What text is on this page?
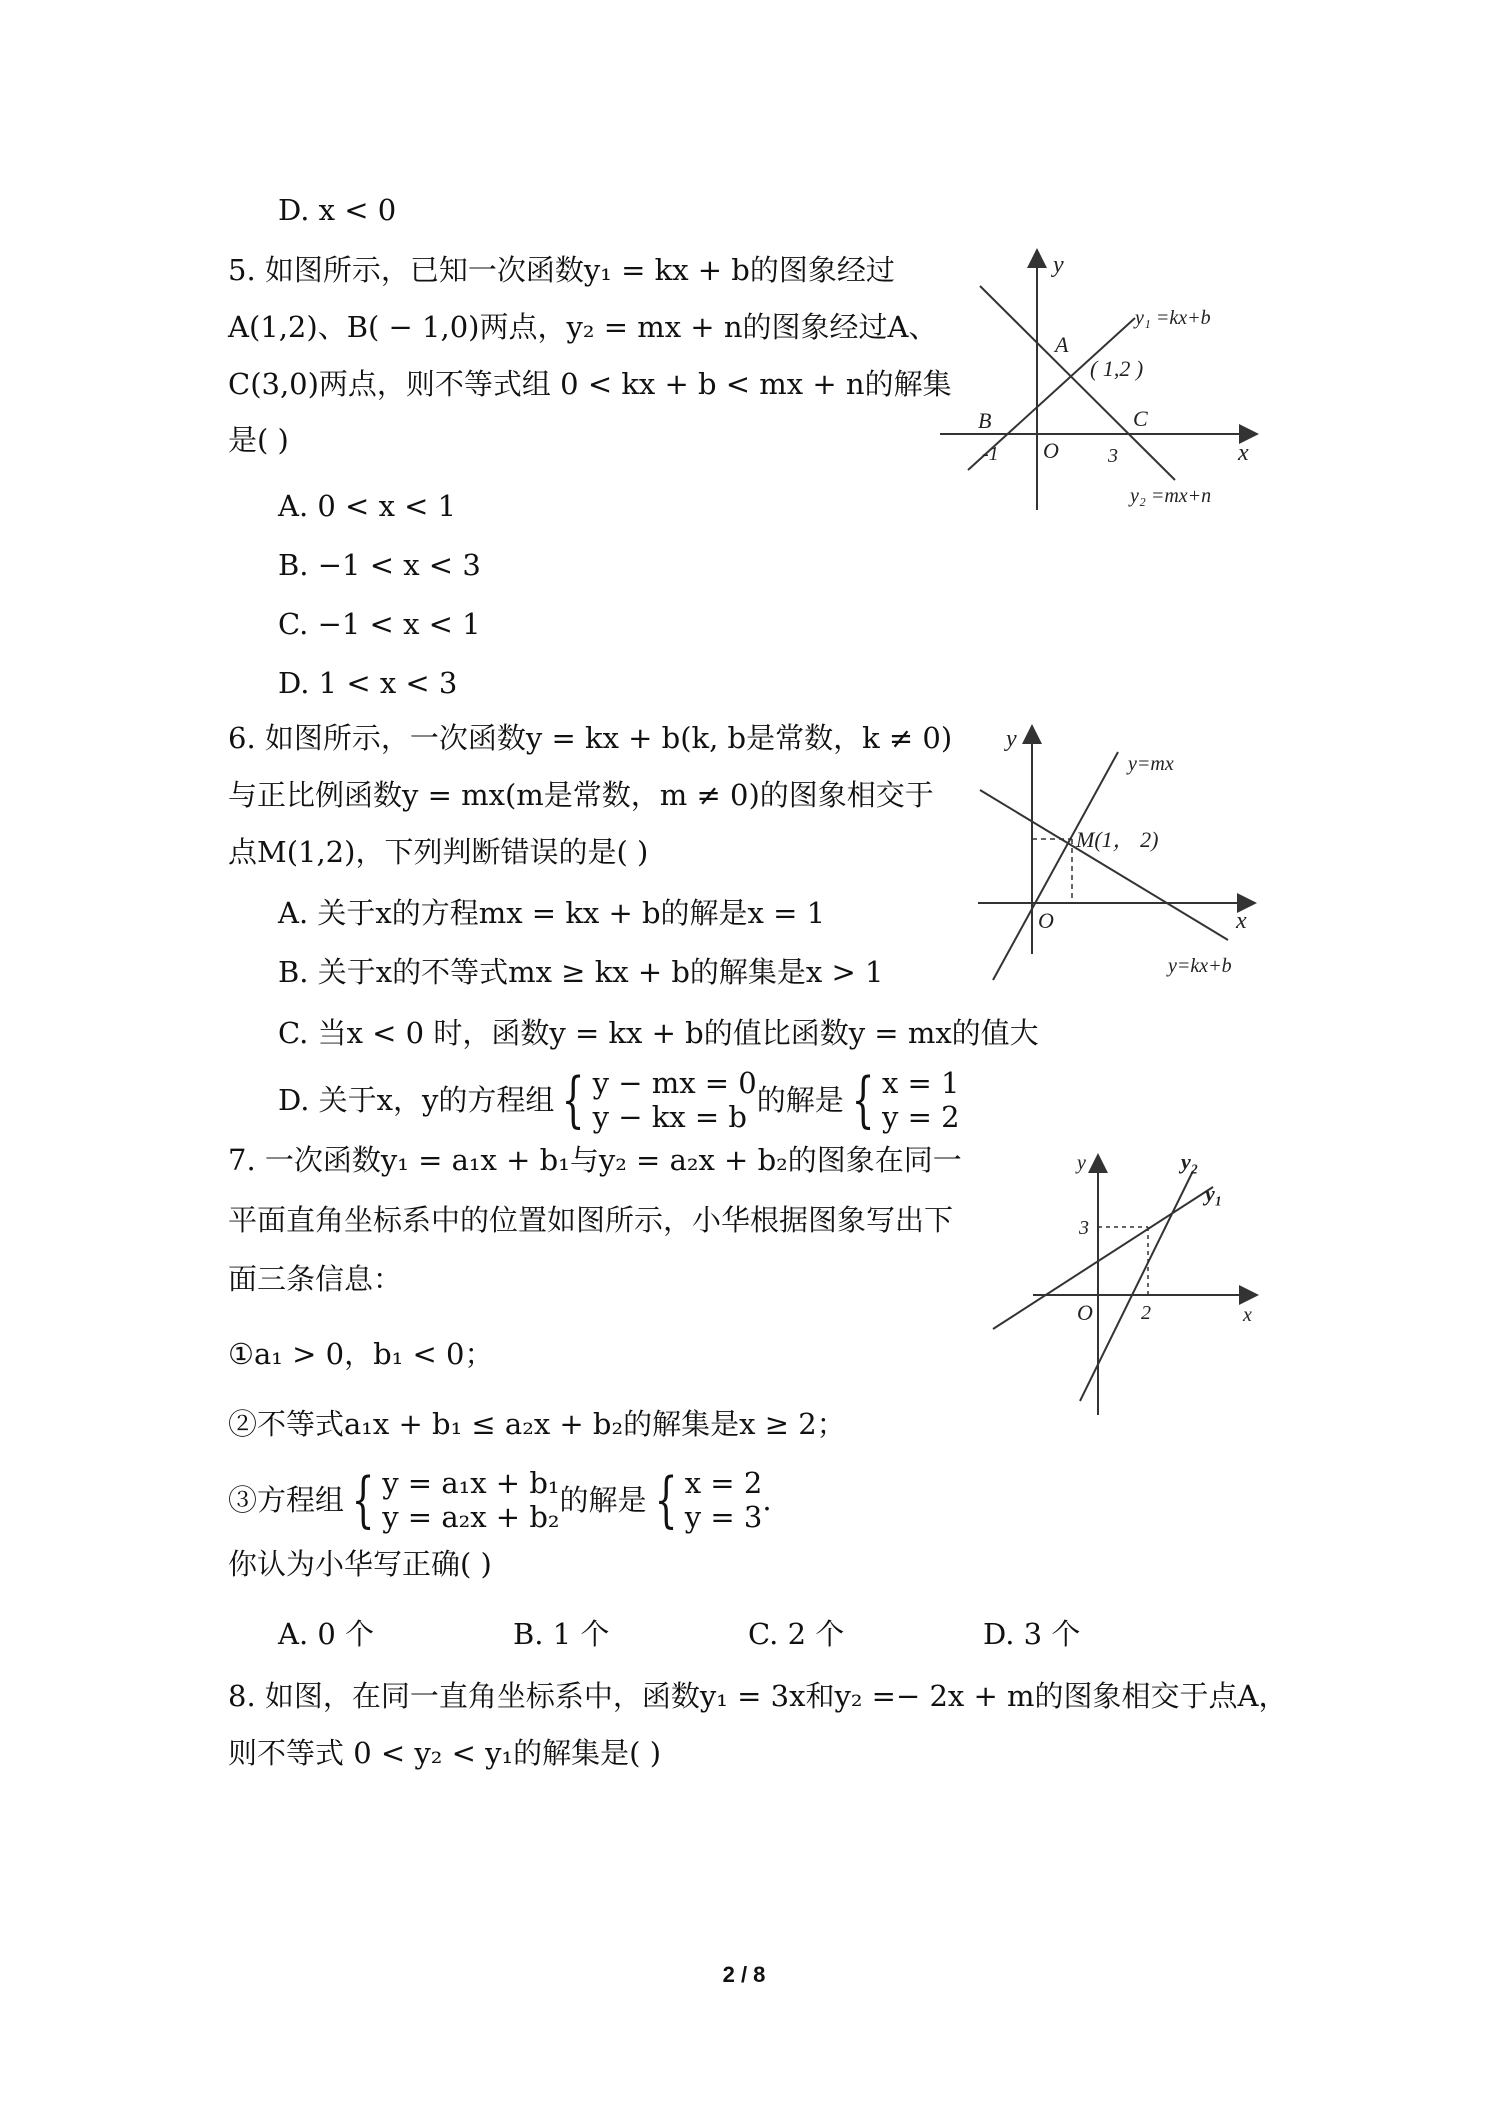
D. x < 0
5. 如图所示，已知一次函数y₁ = kx + b的图象经过
A(1,2)、B( − 1,0)两点，y₂ = mx + n的图象经过A、
C(3,0)两点，则不等式组 0 < kx + b < mx + n的解集
是( )
A. 0 < x < 1
B. −1 < x < 3
C. −1 < x < 1
D. 1 < x < 3
y
x
O
A
( 1,2 )
B	C
-1	3
y₁ =kx+b
y₂ =mx+n
6. 如图所示，一次函数y = kx + b(k, b是常数，k ≠ 0)
与正比例函数y = mx(m是常数，m ≠ 0)的图象相交于
点M(1,2)，下列判断错误的是( )
A. 关于x的方程mx = kx + b的解是x = 1
B. 关于x的不等式mx ≥ kx + b的解集是x > 1
C. 当x < 0 时，函数y = kx + b的值比函数y = mx的值大
D. 关于x，y的方程组 { y − mx = 0
y − kx = b 的解是 { x = 1
y = 2
y
x
O
M(1， 2)
y=mx
y=kx+b
7. 一次函数y₁ = a₁x + b₁与y₂ = a₂x + b₂的图象在同一
平面直角坐标系中的位置如图所示，小华根据图象写出下
面三条信息：
①a₁ > 0，b₁ < 0；
②不等式a₁x + b₁ ≤ a₂x + b₂的解集是x ≥ 2；
③方程组 { y = a₁x + b₁
y = a₂x + b₂ 的解是 { x = 2
y = 3 .
你认为小华写正确( )
A. 0 个	B. 1 个	C. 2 个	D. 3 个
y
x
O
3
2
y₂
y₁
8. 如图，在同一直角坐标系中，函数y₁ = 3x和y₂ =− 2x + m的图象相交于点A，
则不等式 0 < y₂ < y₁的解集是( )
2 / 8
